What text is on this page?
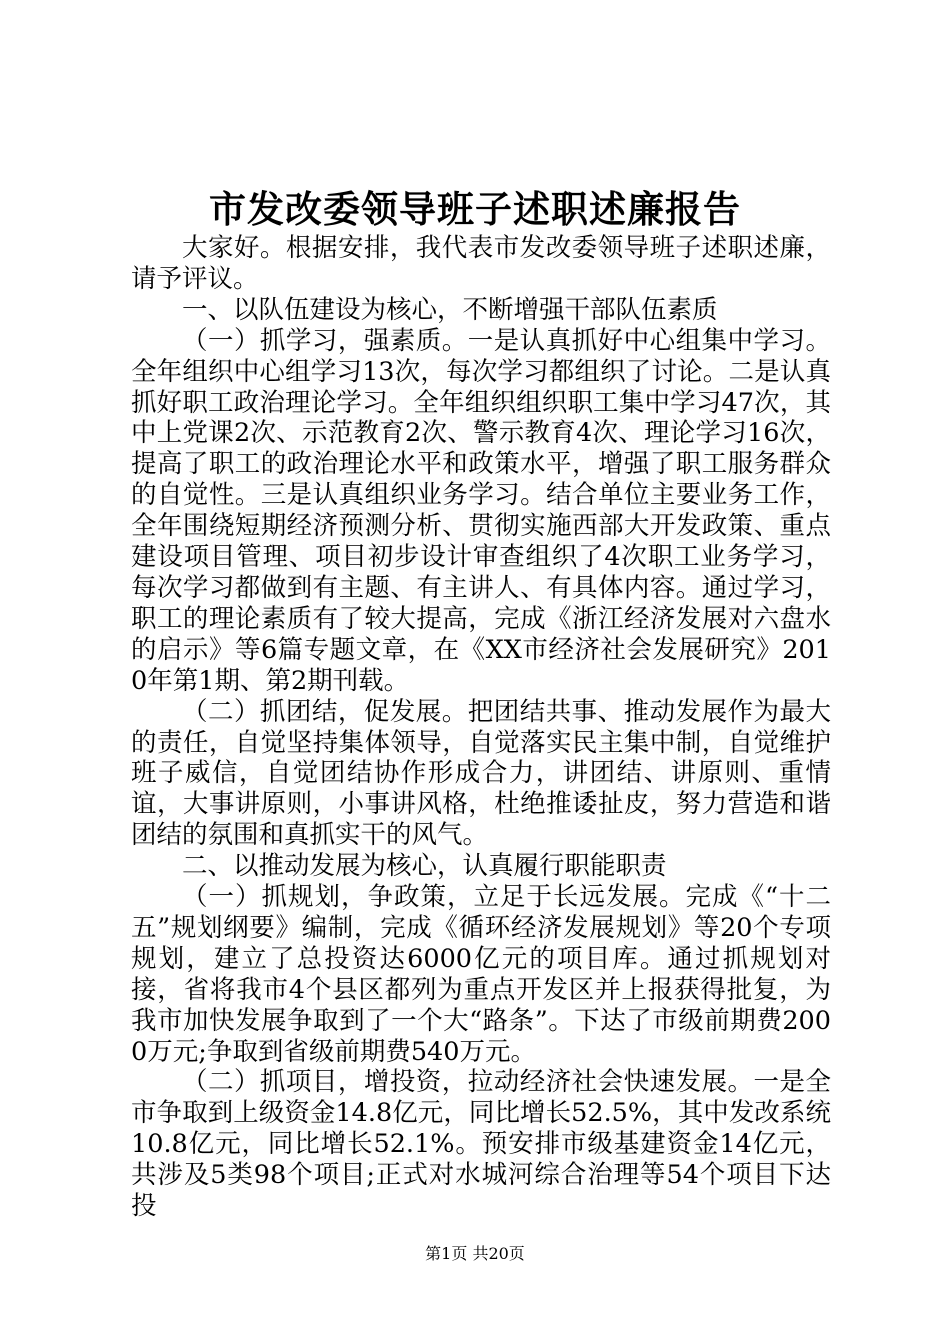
市发改委领导班子述职述廉报告

大家好。根据安排，我代表市发改委领导班子述职述廉，请予评议。

一、以队伍建设为核心，不断增强干部队伍素质

（一）抓学习，强素质。一是认真抓好中心组集中学习。全年组织中心组学习13次，每次学习都组织了讨论。二是认真抓好职工政治理论学习。全年组织组织职工集中学习47次，其中上党课2次、示范教育2次、警示教育4次、理论学习16次，提高了职工的政治理论水平和政策水平，增强了职工服务群众的自觉性。三是认真组织业务学习。结合单位主要业务工作，全年围绕短期经济预测分析、贯彻实施西部大开发政策、重点建设项目管理、项目初步设计审查组织了4次职工业务学习，每次学习都做到有主题、有主讲人、有具体内容。通过学习，职工的理论素质有了较大提高，完成《浙江经济发展对六盘水的启示》等6篇专题文章，在《XX市经济社会发展研究》2010年第1期、第2期刊载。

（二）抓团结，促发展。把团结共事、推动发展作为最大的责任，自觉坚持集体领导，自觉落实民主集中制，自觉维护班子威信，自觉团结协作形成合力，讲团结、讲原则、重情谊，大事讲原则，小事讲风格，杜绝推诿扯皮，努力营造和谐团结的氛围和真抓实干的风气。

二、以推动发展为核心，认真履行职能职责

（一）抓规划，争政策，立足于长远发展。完成《“十二五”规划纲要》编制，完成《循环经济发展规划》等20个专项规划，建立了总投资达6000亿元的项目库。通过抓规划对接，省将我市4个县区都列为重点开发区并上报获得批复，为我市加快发展争取到了一个大“路条”。下达了市级前期费2000万元;争取到省级前期费540万元。

（二）抓项目，增投资，拉动经济社会快速发展。一是全市争取到上级资金14.8亿元，同比增长52.5%，其中发改系统10.8亿元，同比增长52.1%。预安排市级基建资金14亿元，共涉及5类98个项目;正式对水城河综合治理等54个项目下达投

第1页 共20页
